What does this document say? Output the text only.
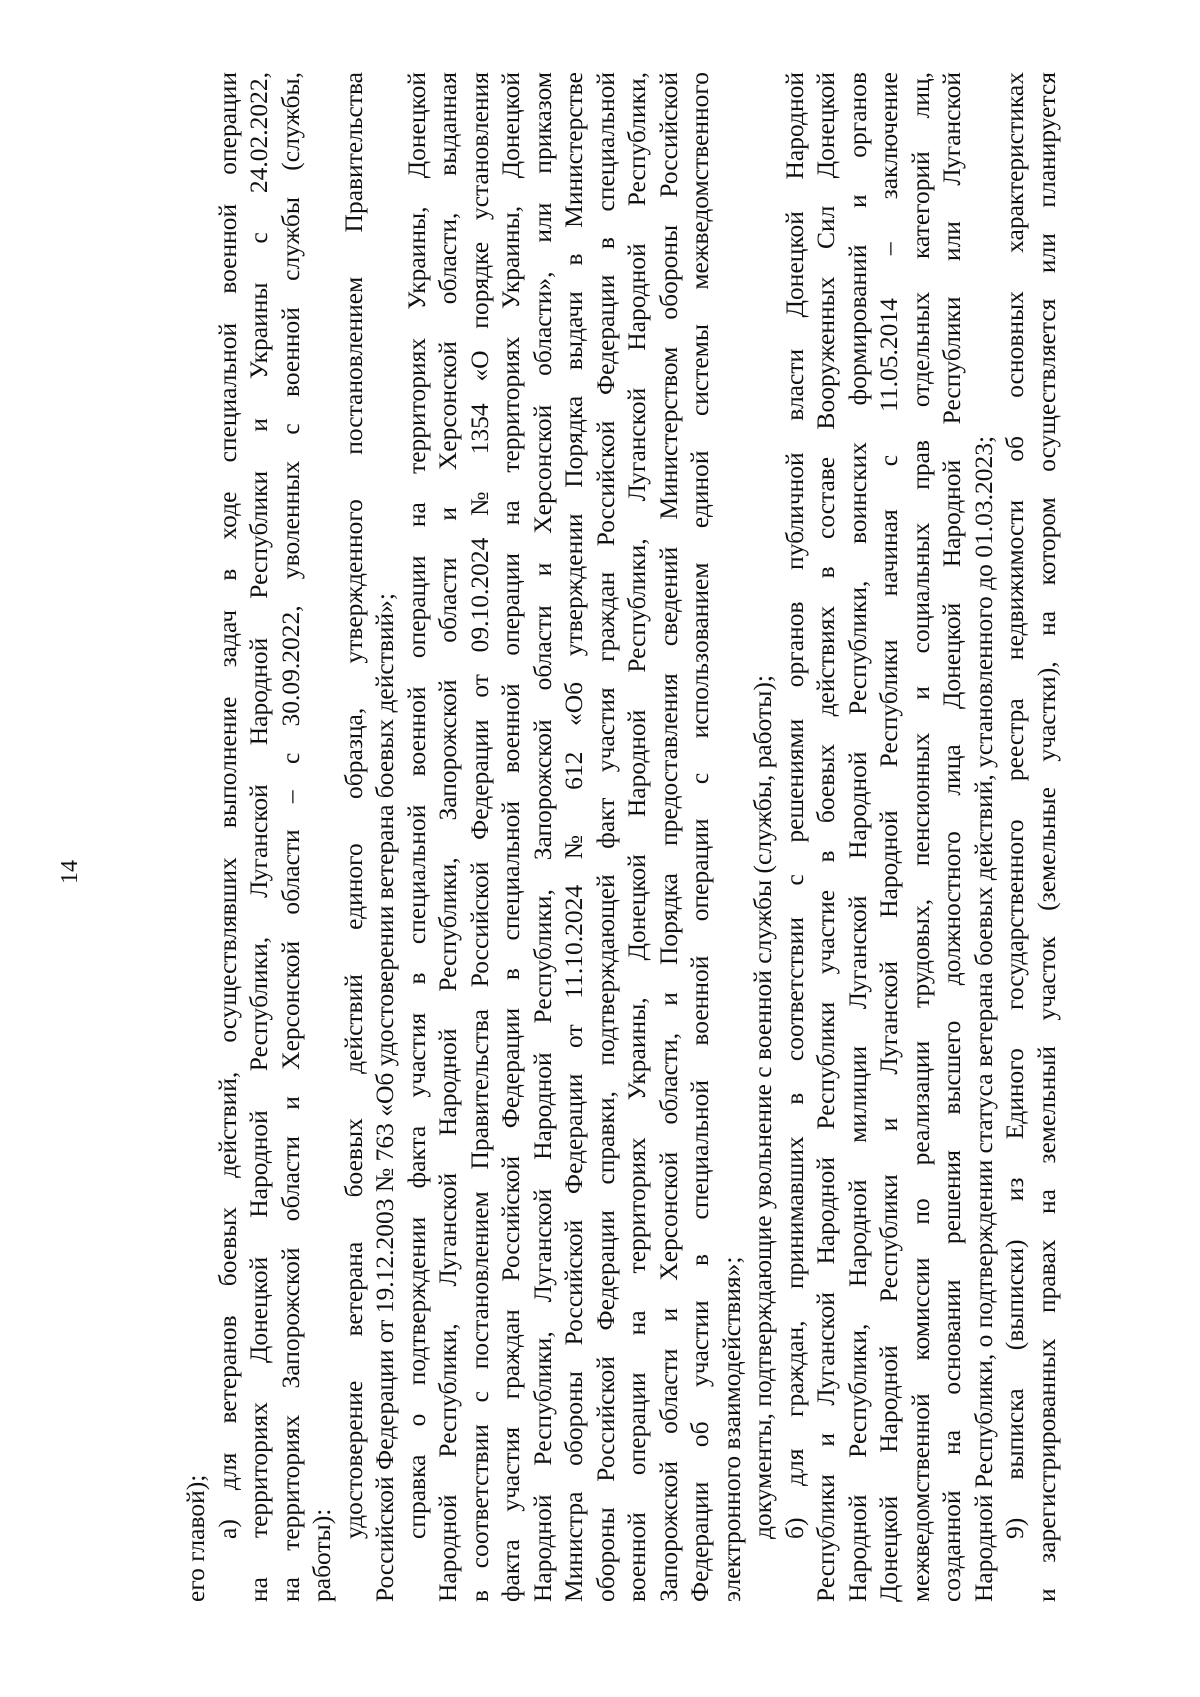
14
его главой); а) для ветеранов боевых действий, осуществлявших выполнение задач в ходе специальной военной операции на территориях Донецкой Народной Республики, Луганской Народной Республики и Украины с 24.02.2022, на территориях Запорожской области и Херсонской области – с 30.09.2022, уволенных с военной службы (службы, работы):
удостоверение ветерана боевых действий единого образца, утвержденного постановлением Правительства Российской Федерации от 19.12.2003 № 763 «Об удостоверении ветерана боевых действий»; справка о подтверждении факта участия в специальной военной операции на территориях Украины, Донецкой Народной Республики, Луганской Народной Республики, Запорожской области и Херсонской области, выданная в соответствии с постановлением Правительства Российской Федерации от 09.10.2024 № 1354 «О порядке установления факта участия граждан Российской Федерации в специальной военной операции на территориях Украины, Донецкой Народной Республики, Луганской Народной Республики, Запорожской области и Херсонской области», или приказом Министра обороны Российской Федерации от 11.10.2024 № 612 «Об утверждении Порядка выдачи в Министерстве обороны Российской Федерации справки, подтверждающей факт участия граждан Российской Федерации в специальной военной операции на территориях Украины, Донецкой Народной Республики, Луганской Народной Республики, Запорожской области и Херсонской области, и Порядка предоставления сведений Министерством обороны Российской Федерации об участии в специальной военной операции с использованием единой системы межведомственного электронного взаимодействия»; документы, подтверждающие увольнение с военной службы (службы, работы); б) для граждан, принимавших в соответствии с решениями органов публичной власти Донецкой Народной Республики и Луганской Народной Республики участие в боевых действиях в составе Вооруженных Сил Донецкой Народной Республики, Народной милиции Луганской Народной Республики, воинских формирований и органов Донецкой Народной Республики и Луганской Народной Республики начиная с 11.05.2014 – заключение межведомственной комиссии по реализации трудовых, пенсионных и социальных прав отдельных категорий лиц, созданной на основании решения высшего должностного лица Донецкой Народной Республики или Луганской Народной Республики, о подтверждении статуса ветерана боевых действий, установленного до 01.03.2023; 9) выписка (выписки) из Единого государственного реестра недвижимости об основных характеристиках и зарегистрированных правах на земельный участок (земельные участки), на котором осуществляется или планируется
